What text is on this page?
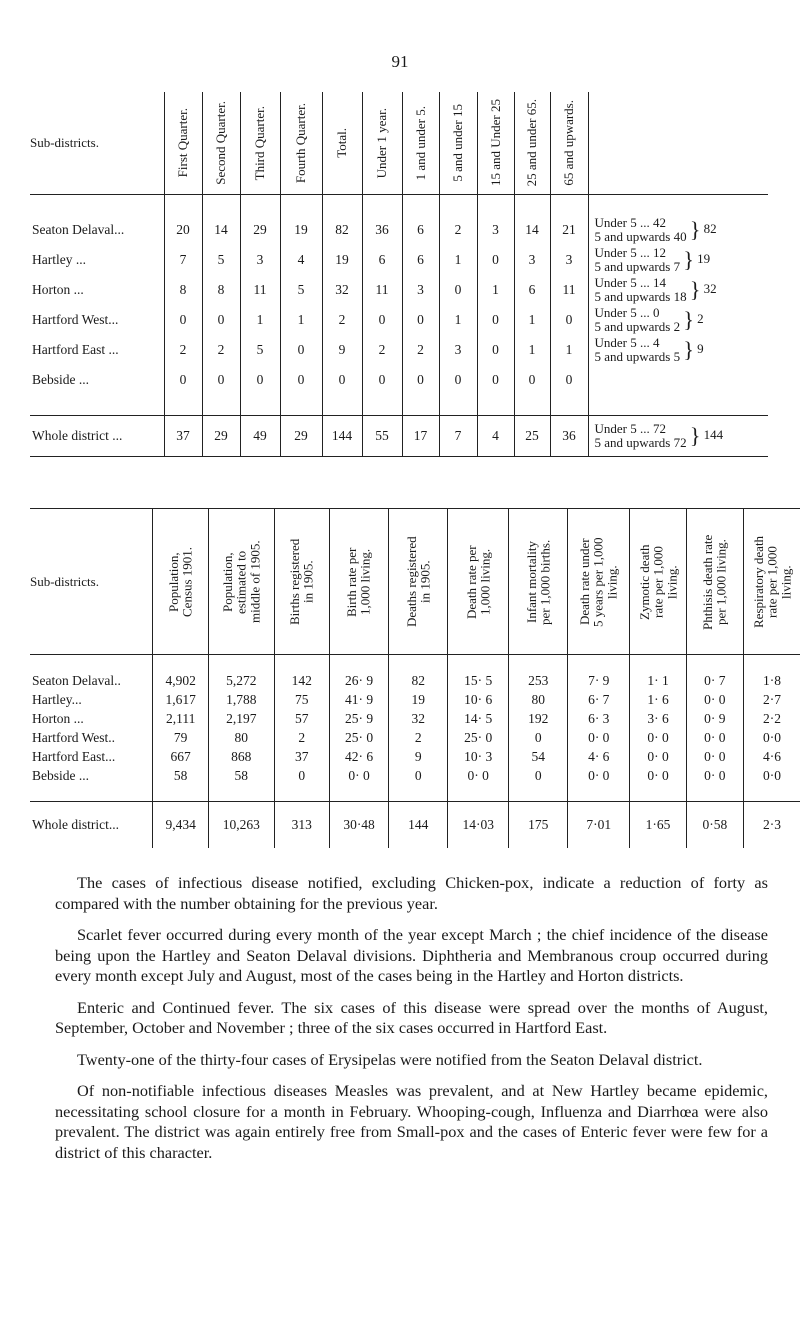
91
Sub-districts.	First Quarter.	Second Quarter.	Third Quarter.	Fourth Quarter.	Total.	Under 1 year.	1 and under 5.	5 and under 15	15 and Under 25	25 and under 65.	65 and upwards.	

Seaton Delaval...	20	14	29	19	82	36	6	2	3	14	21	Under 5 ... 42
5 and upwards 40 } 82
Hartley ...	7	5	3	4	19	6	6	1	0	3	3	Under 5 ... 12
5 and upwards 7 } 19
Horton ...	8	8	11	5	32	11	3	0	1	6	11	Under 5 ... 14
5 and upwards 18 } 32
Hartford West...	0	0	1	1	2	0	0	1	0	1	0	Under 5 ... 0
5 and upwards 2 } 2
Hartford East ...	2	2	5	0	9	2	2	3	0	1	1	Under 5 ... 4
5 and upwards 5 } 9
Bebside ...	0	0	0	0	0	0	0	0	0	0	0	

Whole district ...	37	29	49	29	144	55	17	7	4	25	36	Under 5 ... 72
5 and upwards 72 } 144
Sub-districts.	Population, Census 1901.	Population, estimated to middle of 1905.	Births registered in 1905.	Birth rate per 1,000 living.	Deaths registered in 1905.	Death rate per 1,000 living.	Infant mortality per 1,000 births.	Death rate under 5 years per 1,000 living.	Zymotic death rate per 1,000 living.	Phthisis death rate per 1,000 living.	Respiratory death rate per 1,000 living.

Seaton Delaval..	4,902	5,272	142	26· 9	82	15· 5	253	7· 9	1· 1	0· 7	1·8
Hartley...	1,617	1,788	75	41· 9	19	10· 6	80	6· 7	1· 6	0· 0	2·7
Horton ...	2,111	2,197	57	25· 9	32	14· 5	192	6· 3	3· 6	0· 9	2·2
Hartford West..	79	80	2	25· 0	2	25· 0	0	0· 0	0· 0	0· 0	0·0
Hartford East...	667	868	37	42· 6	9	10· 3	54	4· 6	0· 0	0· 0	4·6
Bebside ...	58	58	0	0· 0	0	0· 0	0	0· 0	0· 0	0· 0	0·0

Whole district...	9,434	10,263	313	30·48	144	14·03	175	7·01	1·65	0·58	2·3

The cases of infectious disease notified, excluding Chicken-pox, indicate a reduction of forty as compared with the number obtaining for the previous year.

Scarlet fever occurred during every month of the year except March ; the chief incidence of the disease being upon the Hartley and Seaton Delaval divisions. Diphtheria and Membranous croup occurred during every month except July and August, most of the cases being in the Hartley and Horton districts.

Enteric and Continued fever. The six cases of this disease were spread over the months of August, September, October and November ; three of the six cases occurred in Hartford East.

Twenty-one of the thirty-four cases of Erysipelas were notified from the Seaton Delaval district.

Of non-notifiable infectious diseases Measles was prevalent, and at New Hartley became epidemic, necessitating school closure for a month in February. Whooping-cough, Influenza and Diarrhœa were also prevalent. The district was again entirely free from Small-pox and the cases of Enteric fever were few for a district of this character.
